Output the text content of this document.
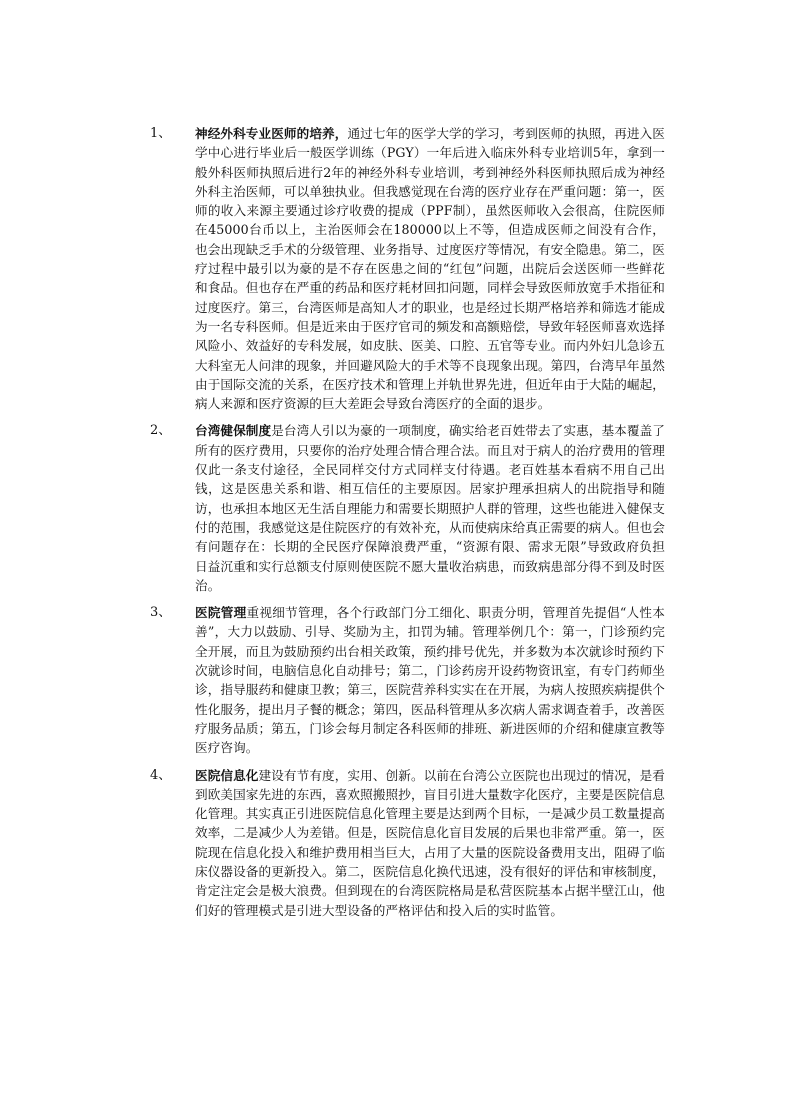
1、 神经外科专业医师的培养，通过七年的医学大学的学习，考到医师的执照，再进入医学中心进行毕业后一般医学训练（PGY）一年后进入临床外科专业培训5年，拿到一般外科医师执照后进行2年的神经外科专业培训，考到神经外科医师执照后成为神经外科主治医师，可以单独执业。但我感觉现在台湾的医疗业存在严重问题：第一，医师的收入来源主要通过诊疗收费的提成（PPF制），虽然医师收入会很高，住院医师在45000台币以上，主治医师会在180000以上不等，但造成医师之间没有合作，也会出现缺乏手术的分级管理、业务指导、过度医疗等情况，有安全隐患。第二，医疗过程中最引以为豪的是不存在医患之间的“红包”问题，出院后会送医师一些鲜花和食品。但也存在严重的药品和医疗耗材回扣问题，同样会导致医师放宽手术指征和过度医疗。第三，台湾医师是高知人才的职业，也是经过长期严格培养和筛选才能成为一名专科医师。但是近来由于医疗官司的频发和高额赔偿，导致年轻医师喜欢选择风险小、效益好的专科发展，如皮肤、医美、口腔、五官等专业。而内外妇儿急诊五大科室无人问津的现象，并回避风险大的手术等不良现象出现。第四，台湾早年虽然由于国际交流的关系，在医疗技术和管理上并轨世界先进，但近年由于大陆的崛起，病人来源和医疗资源的巨大差距会导致台湾医疗的全面的退步。
2、 台湾健保制度是台湾人引以为豪的一项制度，确实给老百姓带去了实惠，基本覆盖了所有的医疗费用，只要你的治疗处理合情合理合法。而且对于病人的治疗费用的管理仅此一条支付途径，全民同样交付方式同样支付待遇。老百姓基本看病不用自己出钱，这是医患关系和谐、相互信任的主要原因。居家护理承担病人的出院指导和随访，也承担本地区无生活自理能力和需要长期照护人群的管理，这些也能进入健保支付的范围，我感觉这是住院医疗的有效补充，从而使病床给真正需要的病人。但也会有问题存在：长期的全民医疗保障浪费严重，“资源有限、需求无限”导致政府负担日益沉重和实行总额支付原则使医院不愿大量收治病患，而致病患部分得不到及时医治。
3、 医院管理重视细节管理，各个行政部门分工细化、职责分明，管理首先提倡“人性本善”，大力以鼓励、引导、奖励为主，扣罚为辅。管理举例几个：第一，门诊预约完全开展，而且为鼓励预约出台相关政策，预约排号优先，并多数为本次就诊时预约下次就诊时间，电脑信息化自动排号；第二，门诊药房开设药物资讯室，有专门药师坐诊，指导服药和健康卫教；第三，医院营养科实实在在开展，为病人按照疾病提供个性化服务，提出月子餐的概念；第四，医品科管理从多次病人需求调查着手，改善医疗服务品质；第五，门诊会每月制定各科医师的排班、新进医师的介绍和健康宣教等医疗咨询。
4、 医院信息化建设有节有度，实用、创新。以前在台湾公立医院也出现过的情况，是看到欧美国家先进的东西，喜欢照搬照抄，盲目引进大量数字化医疗，主要是医院信息化管理。其实真正引进医院信息化管理主要是达到两个目标，一是减少员工数量提高效率，二是减少人为差错。但是，医院信息化盲目发展的后果也非常严重。第一，医院现在信息化投入和维护费用相当巨大，占用了大量的医院设备费用支出，阻碍了临床仪器设备的更新投入。第二，医院信息化换代迅速，没有很好的评估和审核制度，肯定注定会是极大浪费。但到现在的台湾医院格局是私营医院基本占据半壁江山，他们好的管理模式是引进大型设备的严格评估和投入后的实时监管。
